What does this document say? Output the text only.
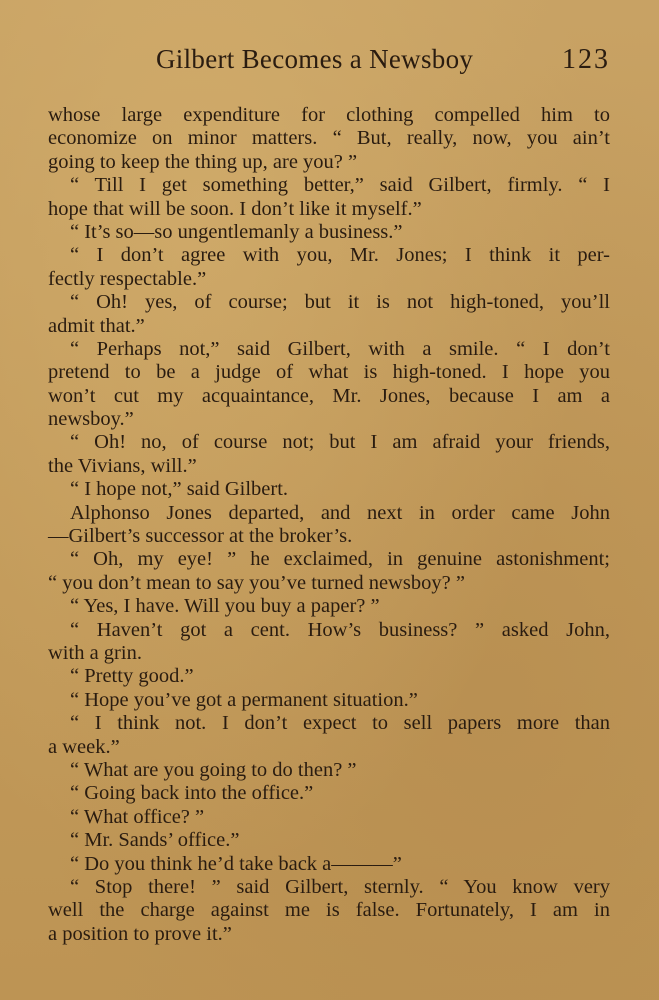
Gilbert Becomes a Newsboy	123
whose large expenditure for clothing compelled him to
economize on minor matters. “ But, really, now, you ain’t
going to keep the thing up, are you? ”
“ Till I get something better,” said Gilbert, firmly. “ I
hope that will be soon. I don’t like it myself.”
“ It’s so—so ungentlemanly a business.”
“ I don’t agree with you, Mr. Jones; I think it per-
fectly respectable.”
“ Oh! yes, of course; but it is not high-toned, you’ll
admit that.”
“ Perhaps not,” said Gilbert, with a smile. “ I don’t
pretend to be a judge of what is high-toned. I hope you
won’t cut my acquaintance, Mr. Jones, because I am a
newsboy.”
“ Oh! no, of course not; but I am afraid your friends,
the Vivians, will.”
“ I hope not,” said Gilbert.
Alphonso Jones departed, and next in order came John
—Gilbert’s successor at the broker’s.
“ Oh, my eye! ” he exclaimed, in genuine astonishment;
“ you don’t mean to say you’ve turned newsboy? ”
“ Yes, I have. Will you buy a paper? ”
“ Haven’t got a cent. How’s business? ” asked John,
with a grin.
“ Pretty good.”
“ Hope you’ve got a permanent situation.”
“ I think not. I don’t expect to sell papers more than
a week.”
“ What are you going to do then? ”
“ Going back into the office.”
“ What office? ”
“ Mr. Sands’ office.”
“ Do you think he’d take back a———”
“ Stop there! ” said Gilbert, sternly. “ You know very
well the charge against me is false. Fortunately, I am in
a position to prove it.”
